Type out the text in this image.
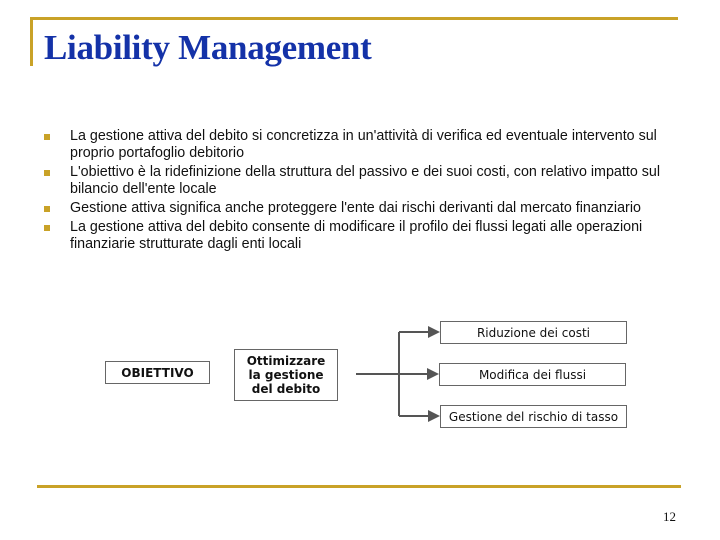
Liability Management
La gestione attiva del debito si concretizza in un'attività di verifica ed eventuale intervento sul proprio portafoglio debitorio
L'obiettivo è la ridefinizione della struttura del passivo e dei suoi costi, con relativo impatto sul bilancio dell'ente locale
Gestione attiva significa anche proteggere l'ente dai rischi derivanti dal mercato finanziario
La gestione attiva del debito consente di modificare il profilo dei flussi legati alle operazioni finanziarie strutturate dagli enti locali
OBIETTIVO
Ottimizzare la gestione del debito
Riduzione dei costi
Modifica dei flussi
Gestione del rischio di tasso
12
